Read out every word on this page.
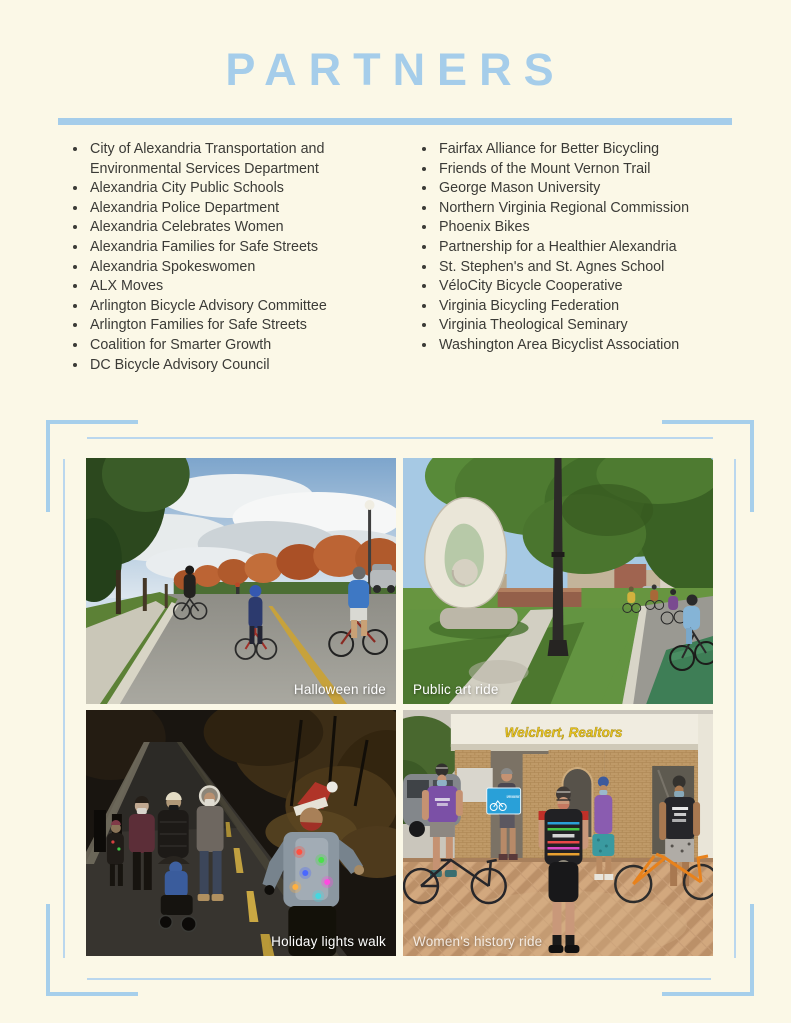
PARTNERS
• City of Alexandria Transportation and Environmental Services Department
• Alexandria City Public Schools
• Alexandria Police Department
• Alexandria Celebrates Women
• Alexandria Families for Safe Streets
• Alexandria Spokeswomen
• ALX Moves
• Arlington Bicycle Advisory Committee
• Arlington Families for Safe Streets
• Coalition for Smarter Growth
• DC Bicycle Advisory Council
• Fairfax Alliance for Better Bicycling
• Friends of the Mount Vernon Trail
• George Mason University
• Northern Virginia Regional Commission
• Phoenix Bikes
• Partnership for a Healthier Alexandria
• St. Stephen's and St. Agnes School
• VéloCity Bicycle Cooperative
• Virginia Bicycling Federation
• Virginia Theological Seminary
• Washington Area Bicyclist Association
Halloween ride Public art ride
Holiday lights walk
Weichert, Realtors
SUPER FUN BIKE EVENT
Women's history ride
